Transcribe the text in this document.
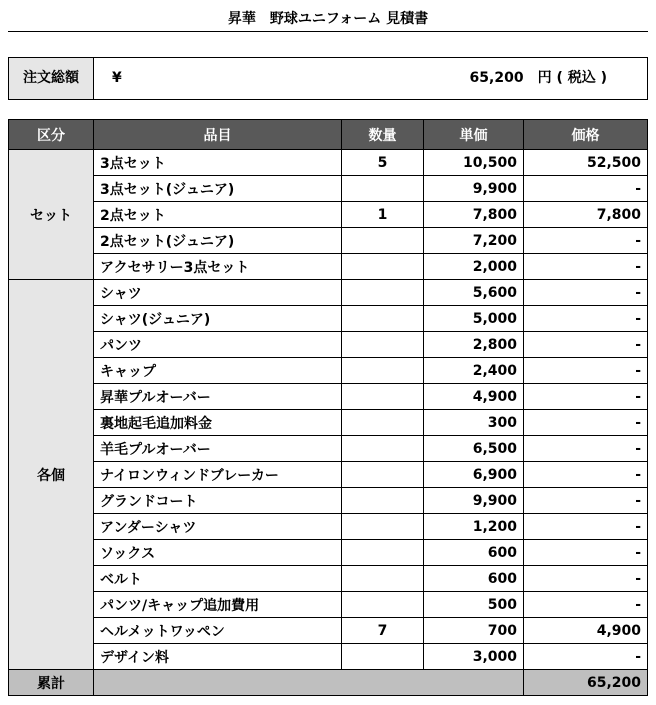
昇華　野球ユニフォーム 見積書
注文総額	¥	65,200　円 ( 税込 )
区分	品目	数量	単価	価格
セット	3点セット	5	10,500	52,500
	3点セット(ジュニア)		9,900	-
	2点セット	1	7,800	7,800
	2点セット(ジュニア)		7,200	-
	アクセサリー3点セット		2,000	-
各個	シャツ		5,600	-
	シャツ(ジュニア)		5,000	-
	パンツ		2,800	-
	キャップ		2,400	-
	昇華プルオーバー		4,900	-
	裏地起毛追加料金		300	-
	羊毛プルオーバー		6,500	-
	ナイロンウィンドブレーカー		6,900	-
	グランドコート		9,900	-
	アンダーシャツ		1,200	-
	ソックス		600	-
	ベルト		600	-
	パンツ/キャップ追加費用		500	-
	ヘルメットワッペン	7	700	4,900
	デザイン料		3,000	-
累計				65,200
